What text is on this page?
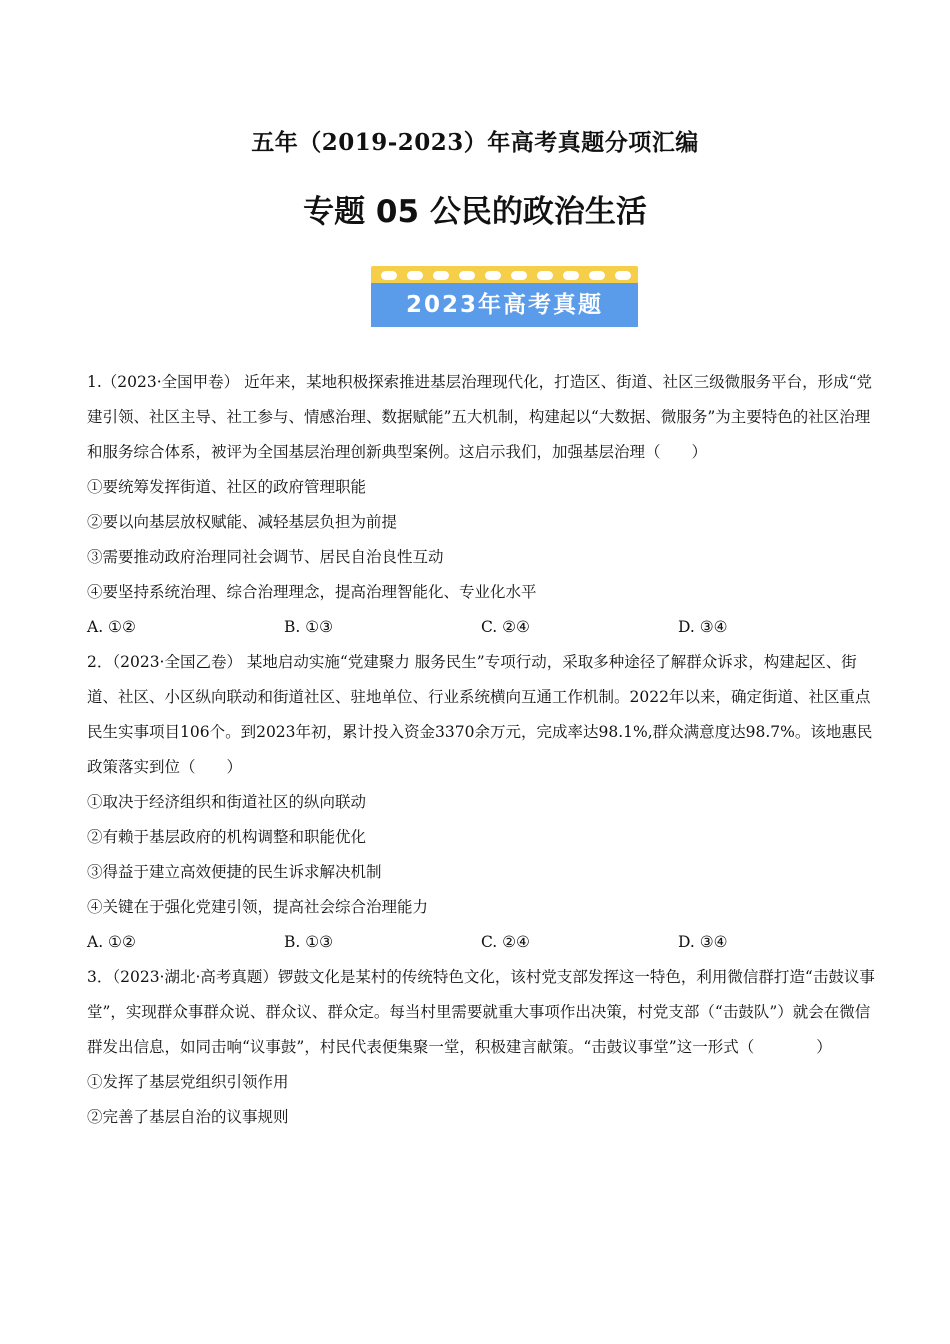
五年（2019-2023）年高考真题分项汇编
专题 05 公民的政治生活
2023年高考真题

1.（2023·全国甲卷） 近年来，某地积极探索推进基层治理现代化，打造区、街道、社区三级微服务平台，形成“党建引领、社区主导、社工参与、情感治理、数据赋能”五大机制，构建起以“大数据、微服务”为主要特色的社区治理和服务综合体系，被评为全国基层治理创新典型案例。这启示我们，加强基层治理（　　）

①要统筹发挥街道、社区的政府管理职能

②要以向基层放权赋能、减轻基层负担为前提

③需要推动政府治理同社会调节、居民自治良性互动

④要坚持系统治理、综合治理理念，提高治理智能化、专业化水平

A. ①②	B. ①③	C. ②④	D. ③④

2．（2023·全国乙卷） 某地启动实施“党建聚力 服务民生”专项行动，采取多种途径了解群众诉求，构建起区、街道、社区、小区纵向联动和街道社区、驻地单位、行业系统横向互通工作机制。2022年以来，确定街道、社区重点民生实事项目106个。到2023年初，累计投入资金3370余万元，完成率达98.1%,群众满意度达98.7%。该地惠民政策落实到位（　　）

①取决于经济组织和街道社区的纵向联动

②有赖于基层政府的机构调整和职能优化

③得益于建立高效便捷的民生诉求解决机制

④关键在于强化党建引领，提高社会综合治理能力

A. ①②	B. ①③	C. ②④	D. ③④

3．（2023·湖北·高考真题）锣鼓文化是某村的传统特色文化，该村党支部发挥这一特色，利用微信群打造“击鼓议事堂”，实现群众事群众说、群众议、群众定。每当村里需要就重大事项作出决策，村党支部（“击鼓队”）就会在微信群发出信息，如同击响“议事鼓”，村民代表便集聚一堂，积极建言献策。“击鼓议事堂”这一形式（　　　　）

①发挥了基层党组织引领作用

②完善了基层自治的议事规则
